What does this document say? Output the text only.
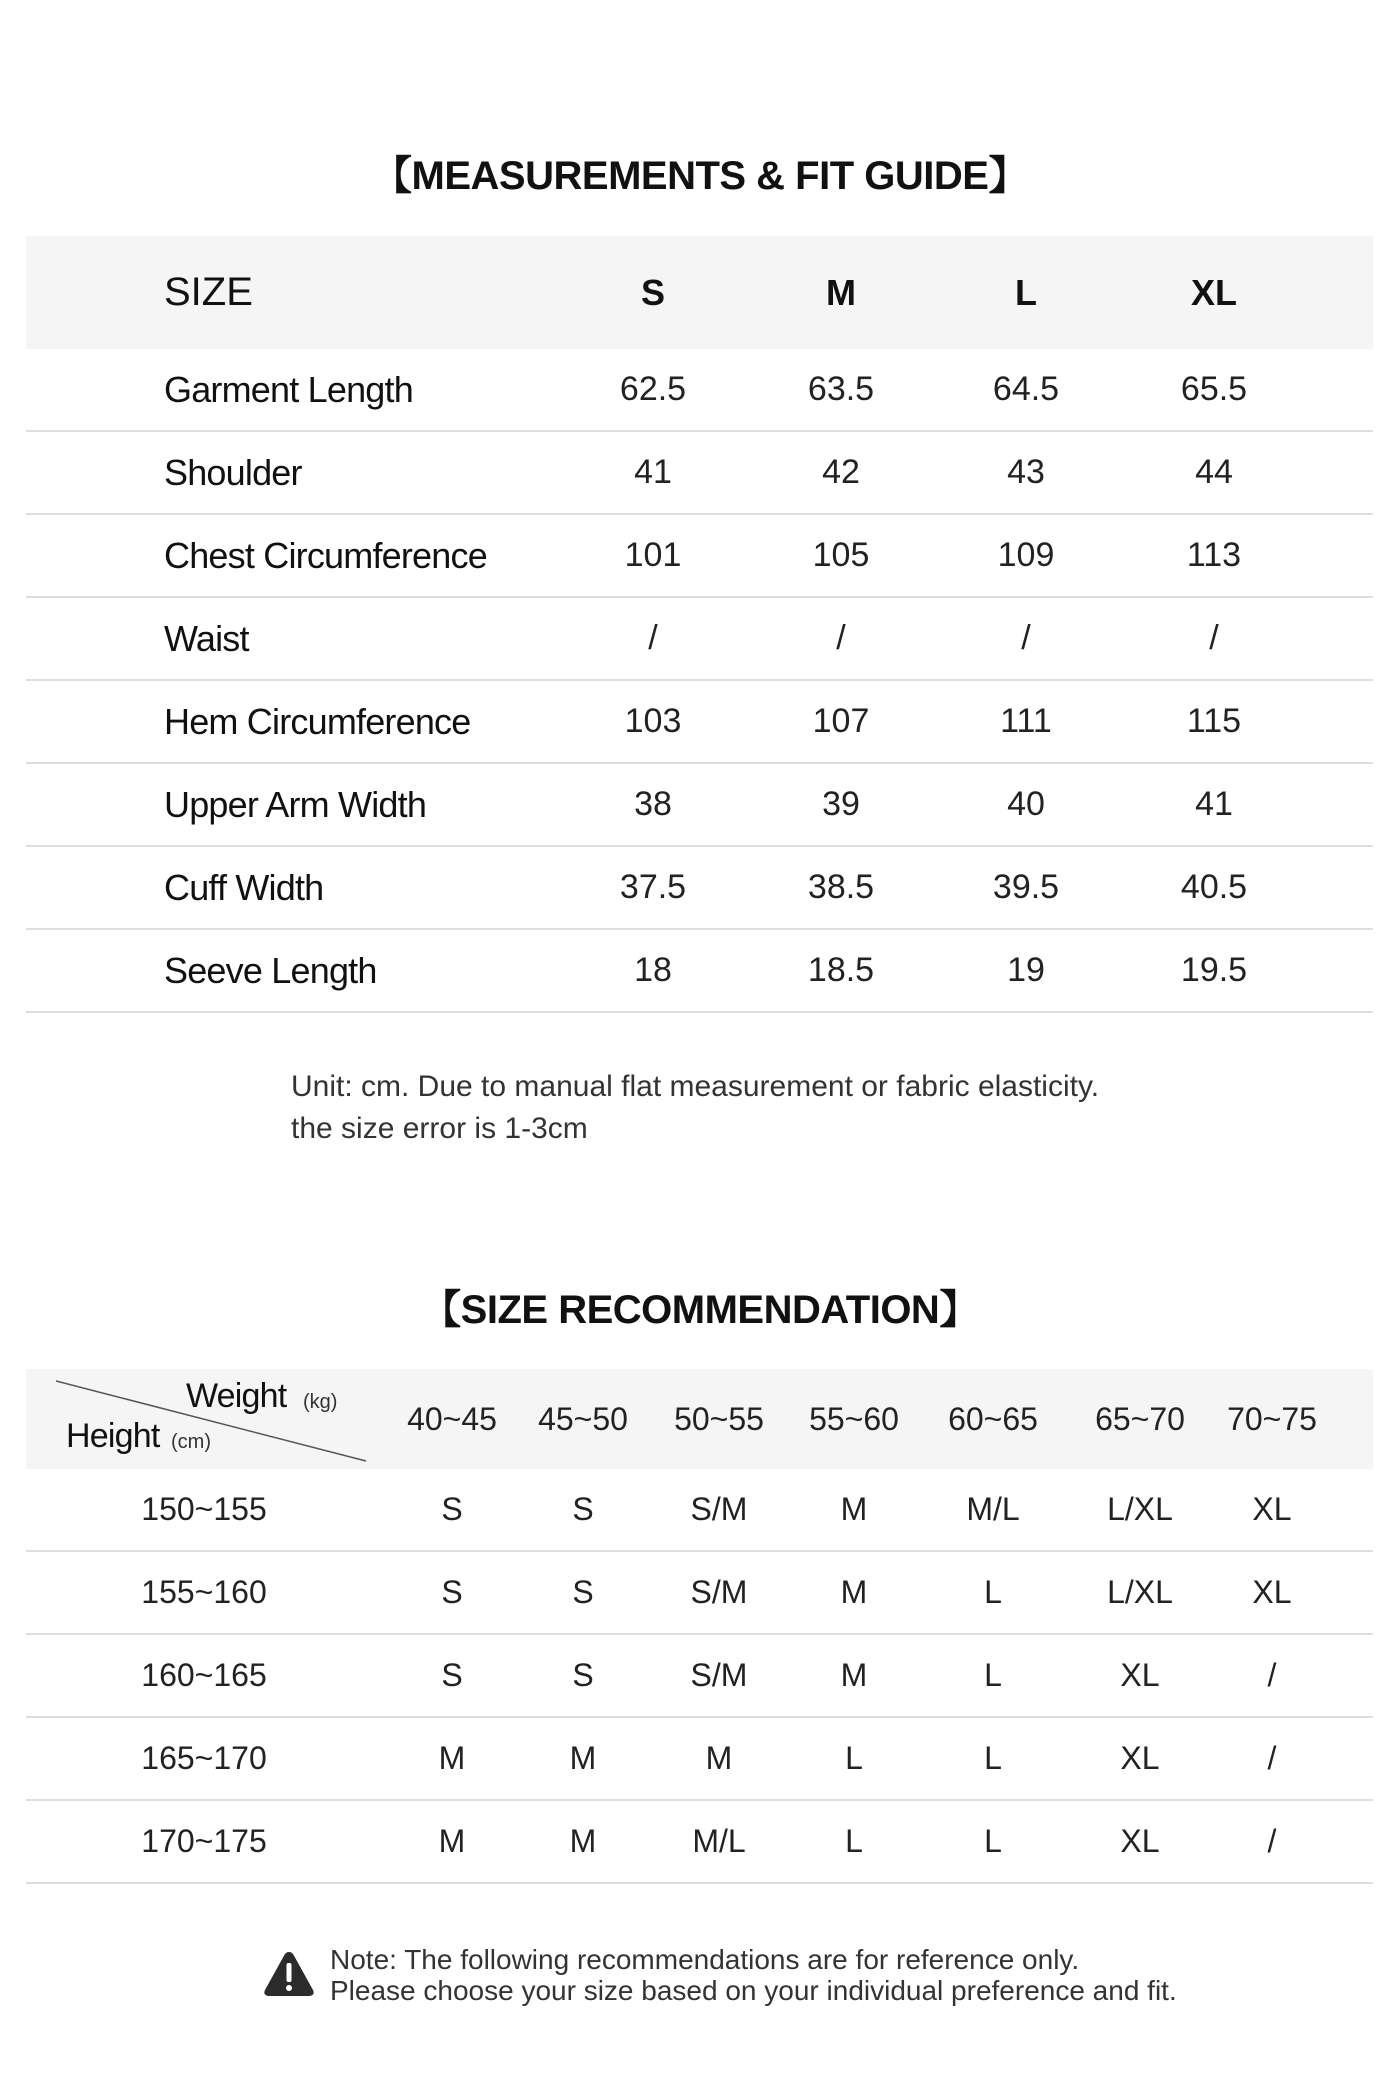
【MEASUREMENTS & FIT GUIDE】
SIZE	S	M	L	XL
Garment Length	62.5	63.5	64.5	65.5
Shoulder	41	42	43	44
Chest Circumference	101	105	109	113
Waist	/	/	/	/
Hem Circumference	103	107	111	115
Upper Arm Width	38	39	40	41
Cuff Width	37.5	38.5	39.5	40.5
Seeve Length	18	18.5	19	19.5
Unit: cm. Due to manual flat measurement or fabric elasticity.
the size error is 1-3cm
【SIZE RECOMMENDATION】
Weight (kg)
Height (cm)
40~45	45~50	50~55	55~60	60~65	65~70	70~75
150~155	S	S	S/M	M	M/L	L/XL	XL
155~160	S	S	S/M	M	L	L/XL	XL
160~165	S	S	S/M	M	L	XL	/
165~170	M	M	M	L	L	XL	/
170~175	M	M	M/L	L	L	XL	/
Note: The following recommendations are for reference only.
Please choose your size based on your individual preference and fit.
